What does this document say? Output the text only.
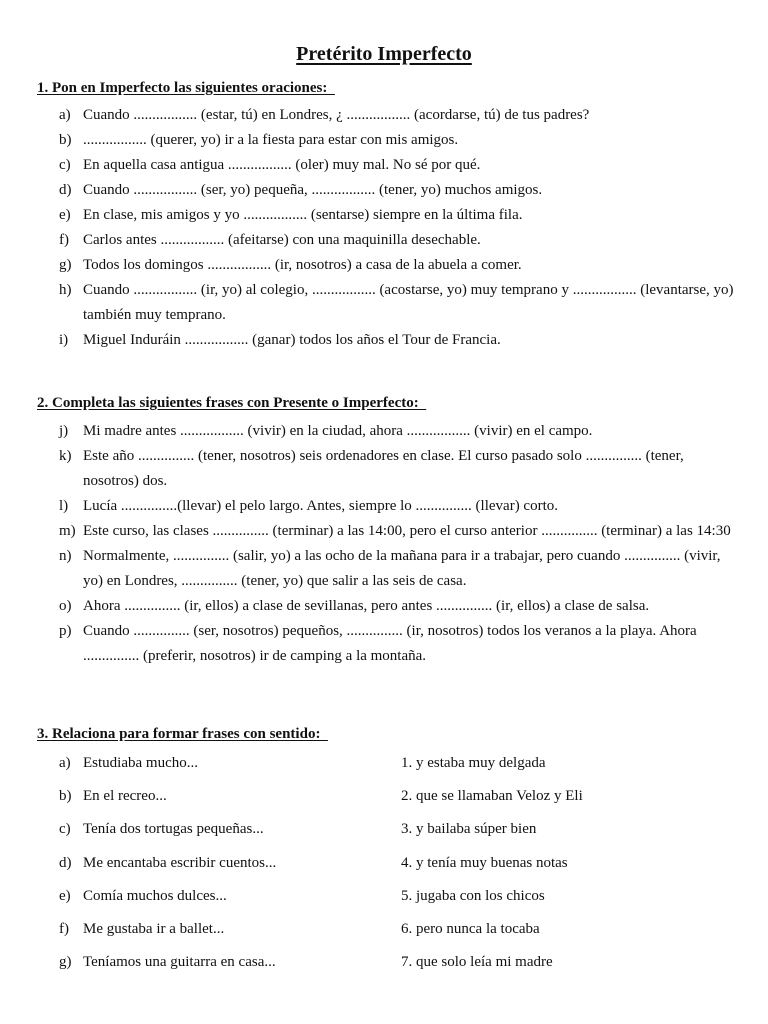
Pretérito Imperfecto
1. Pon en Imperfecto las siguientes oraciones:
a) Cuando ................. (estar, tú) en Londres, ¿ ................. (acordarse, tú) de tus padres?
b) ................. (querer, yo) ir a la fiesta para estar con mis amigos.
c) En aquella casa antigua ................. (oler) muy mal. No sé por qué.
d) Cuando ................. (ser, yo) pequeña, ................. (tener, yo) muchos amigos.
e) En clase, mis amigos y yo ................. (sentarse) siempre en la última fila.
f) Carlos antes ................. (afeitarse) con una maquinilla desechable.
g) Todos los domingos ................. (ir, nosotros) a casa de la abuela a comer.
h) Cuando ................. (ir, yo) al colegio, ................. (acostarse, yo) muy temprano y ................. (levantarse, yo) también muy temprano.
i) Miguel Induráin ................. (ganar) todos los años el Tour de Francia.
2. Completa las siguientes frases con Presente o Imperfecto:
j) Mi madre antes ................. (vivir) en la ciudad, ahora ................. (vivir) en el campo.
k) Este año ............... (tener, nosotros) seis ordenadores en clase. El curso pasado solo ............... (tener, nosotros) dos.
l) Lucía ...............(llevar) el pelo largo. Antes, siempre lo ............... (llevar) corto.
m) Este curso, las clases ............... (terminar) a las 14:00, pero el curso anterior ............... (terminar) a las 14:30
n) Normalmente, ............... (salir, yo) a las ocho de la mañana para ir a trabajar, pero cuando ............... (vivir, yo) en Londres, ............... (tener, yo) que salir a las seis de casa.
o) Ahora ............... (ir, ellos) a clase de sevillanas, pero antes ............... (ir, ellos) a clase de salsa.
p) Cuando ............... (ser, nosotros) pequeños, ............... (ir, nosotros) todos los veranos a la playa. Ahora ............... (preferir, nosotros) ir de camping a la montaña.
3. Relaciona para formar frases con sentido:
a) Estudiaba mucho...	1. y estaba muy delgada
b) En el recreo...	2. que se llamaban Veloz y Eli
c) Tenía dos tortugas pequeñas...	3. y bailaba súper bien
d) Me encantaba escribir cuentos...	4. y tenía muy buenas notas
e) Comía muchos dulces...	5. jugaba con los chicos
f) Me gustaba ir a ballet...	6. pero nunca la tocaba
g) Teníamos una guitarra en casa...	7. que solo leía mi madre
